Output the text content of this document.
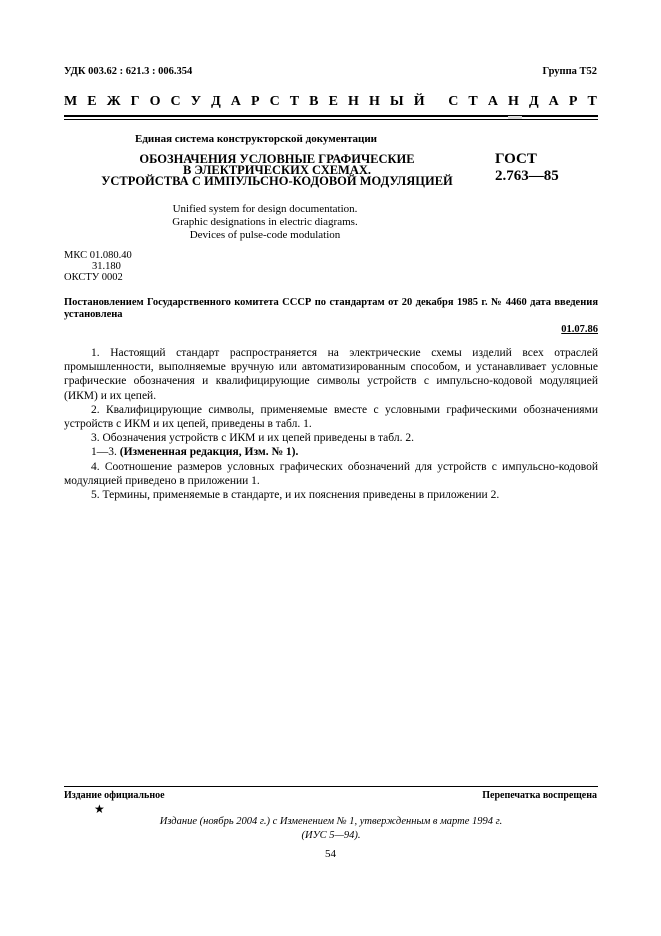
УДК 003.62 : 621.3 : 006.354	Группа Т52
М Е Ж Г О С У Д А Р С Т В Е Н Н Ы Й
С Т А Н Д А Р Т
Единая система конструкторской документации
ОБОЗНАЧЕНИЯ УСЛОВНЫЕ ГРАФИЧЕСКИЕ
В ЭЛЕКТРИЧЕСКИХ СХЕМАХ.
УСТРОЙСТВА С ИМПУЛЬСНО-КОДОВОЙ МОДУЛЯЦИЕЙ
ГОСТ
2.763—85
Unified system for design documentation.
Graphic designations in electric diagrams.
Devices of pulse-code modulation
МКС 01.080.40
31.180
ОКСТУ 0002
Постановлением Государственного комитета СССР по стандартам от 20 декабря 1985 г. № 4460 дата введения установлена
01.07.86

1. Настоящий стандарт распространяется на электрические схемы изделий всех отраслей промышленности, выполняемые вручную или автоматизированным способом, и устанавливает условные графические обозначения и квалифицирующие символы устройств с импульсно-кодовой модуляцией (ИКМ) и их цепей.

2. Квалифицирующие символы, применяемые вместе с условными графическими обозначениями устройств с ИКМ и их цепей, приведены в табл. 1.

3. Обозначения устройств с ИКМ и их цепей приведены в табл. 2.

1—3. (Измененная редакция, Изм. № 1).

4. Соотношение размеров условных графических обозначений для устройств с импульсно-кодовой модуляцией приведено в приложении 1.

5. Термины, применяемые в стандарте, и их пояснения приведены в приложении 2.

Издание официальное	Перепечатка воспрещена
★
Издание (ноябрь 2004 г.) с Изменением № 1, утвержденным в марте 1994 г.
(ИУС 5—94).
54
